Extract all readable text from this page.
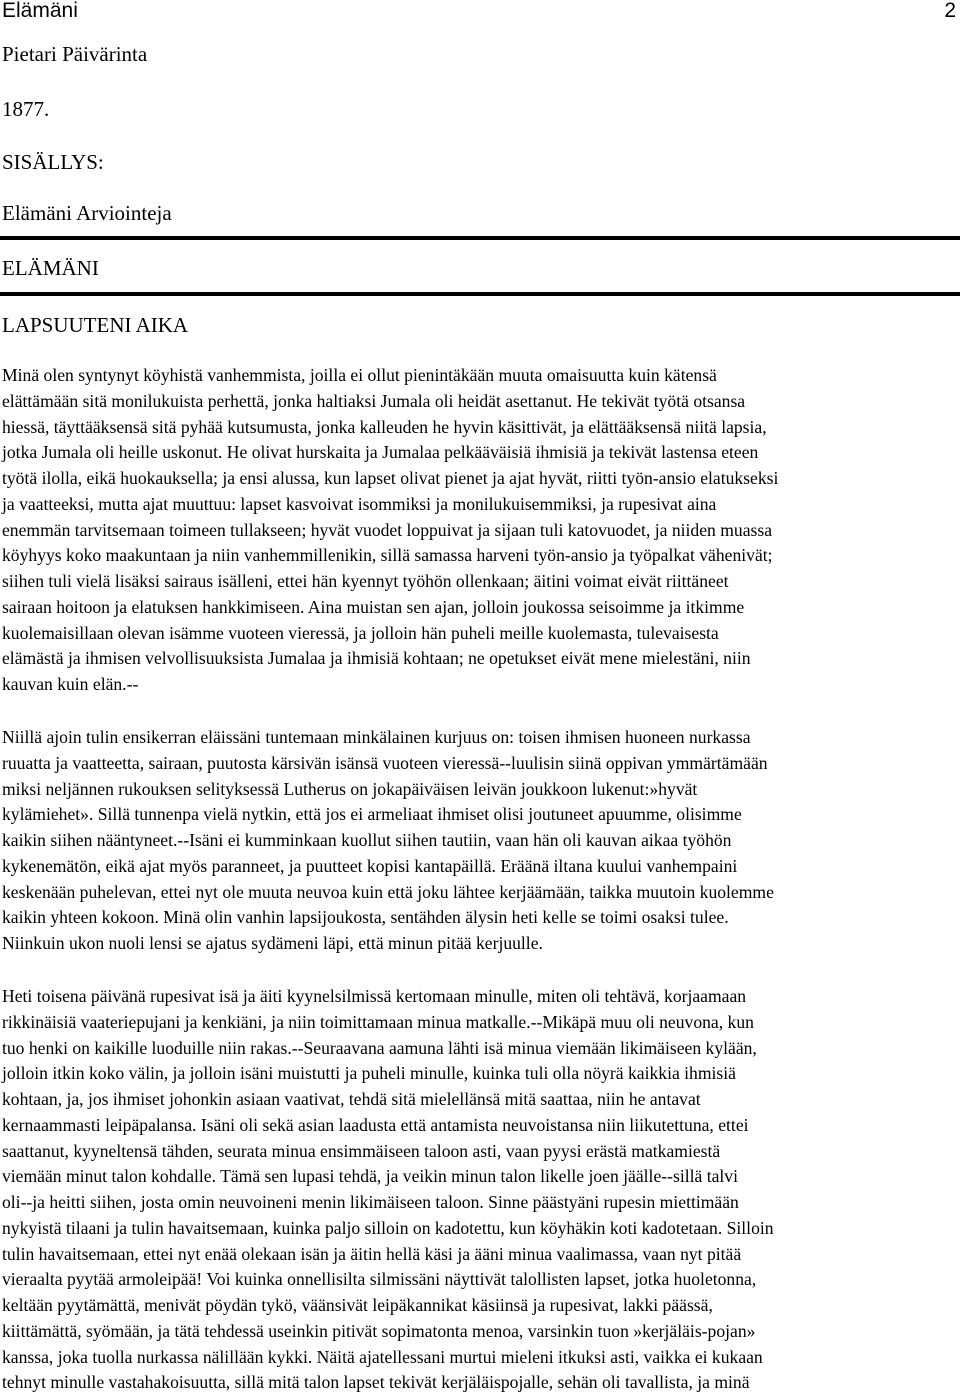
Elämäni	2
Pietari Päivärinta
1877.
SISÄLLYS:
Elämäni Arviointeja
ELÄMÄNI
LAPSUUTENI AIKA
Minä olen syntynyt köyhistä vanhemmista, joilla ei ollut pienintäkään muuta omaisuutta kuin kätensä
elättämään sitä monilukuista perhettä, jonka haltiaksi Jumala oli heidät asettanut. He tekivät työtä otsansa
hiessä, täyttääksensä sitä pyhää kutsumusta, jonka kalleuden he hyvin käsittivät, ja elättääksensä niitä lapsia,
jotka Jumala oli heille uskonut. He olivat hurskaita ja Jumalaa pelkääväisiä ihmisiä ja tekivät lastensa eteen
työtä ilolla, eikä huokauksella; ja ensi alussa, kun lapset olivat pienet ja ajat hyvät, riitti työn-ansio elatukseksi
ja vaatteeksi, mutta ajat muuttuu: lapset kasvoivat isommiksi ja monilukuisemmiksi, ja rupesivat aina
enemmän tarvitsemaan toimeen tullakseen; hyvät vuodet loppuivat ja sijaan tuli katovuodet, ja niiden muassa
köyhyys koko maakuntaan ja niin vanhemmillenikin, sillä samassa harveni työn-ansio ja työpalkat vähenivät;
siihen tuli vielä lisäksi sairaus isälleni, ettei hän kyennyt työhön ollenkaan; äitini voimat eivät riittäneet
sairaan hoitoon ja elatuksen hankkimiseen. Aina muistan sen ajan, jolloin joukossa seisoimme ja itkimme
kuolemaisillaan olevan isämme vuoteen vieressä, ja jolloin hän puheli meille kuolemasta, tulevaisesta
elämästä ja ihmisen velvollisuuksista Jumalaa ja ihmisiä kohtaan; ne opetukset eivät mene mielestäni, niin
kauvan kuin elän.--
Niillä ajoin tulin ensikerran eläissäni tuntemaan minkälainen kurjuus on: toisen ihmisen huoneen nurkassa
ruuatta ja vaatteetta, sairaan, puutosta kärsivän isänsä vuoteen vieressä--luulisin siinä oppivan ymmärtämään
miksi neljännen rukouksen selityksessä Lutherus on jokapäiväisen leivän joukkoon lukenut:»hyvät
kylämiehet». Sillä tunnenpa vielä nytkin, että jos ei armeliaat ihmiset olisi joutuneet apuumme, olisimme
kaikin siihen nääntyneet.--Isäni ei kumminkaan kuollut siihen tautiin, vaan hän oli kauvan aikaa työhön
kykenemätön, eikä ajat myös paranneet, ja puutteet kopisi kantapäillä. Eräänä iltana kuului vanhempaini
keskenään puhelevan, ettei nyt ole muuta neuvoa kuin että joku lähtee kerjäämään, taikka muutoin kuolemme
kaikin yhteen kokoon. Minä olin vanhin lapsijoukosta, sentähden älysin heti kelle se toimi osaksi tulee.
Niinkuin ukon nuoli lensi se ajatus sydämeni läpi, että minun pitää kerjuulle.
Heti toisena päivänä rupesivat isä ja äiti kyynelsilmissä kertomaan minulle, miten oli tehtävä, korjaamaan
rikkinäisiä vaateriepujani ja kenkiäni, ja niin toimittamaan minua matkalle.--Mikäpä muu oli neuvona, kun
tuo henki on kaikille luoduille niin rakas.--Seuraavana aamuna lähti isä minua viemään likimäiseen kylään,
jolloin itkin koko välin, ja jolloin isäni muistutti ja puheli minulle, kuinka tuli olla nöyrä kaikkia ihmisiä
kohtaan, ja, jos ihmiset johonkin asiaan vaativat, tehdä sitä mielellänsä mitä saattaa, niin he antavat
kernaammasti leipäpalansa. Isäni oli sekä asian laadusta että antamista neuvoistansa niin liikutettuna, ettei
saattanut, kyyneltensä tähden, seurata minua ensimmäiseen taloon asti, vaan pyysi erästä matkamiestä
viemään minut talon kohdalle. Tämä sen lupasi tehdä, ja veikin minun talon likelle joen jäälle--sillä talvi
oli--ja heitti siihen, josta omin neuvoineni menin likimäiseen taloon. Sinne päästyäni rupesin miettimään
nykyistä tilaani ja tulin havaitsemaan, kuinka paljo silloin on kadotettu, kun köyhäkin koti kadotetaan. Silloin
tulin havaitsemaan, ettei nyt enää olekaan isän ja äitin hellä käsi ja ääni minua vaalimassa, vaan nyt pitää
vieraalta pyytää armoleipää! Voi kuinka onnellisilta silmissäni näyttivät talollisten lapset, jotka huoletonna,
keltään pyytämättä, menivät pöydän tykö, väänsivät leipäkannikat käsiinsä ja rupesivat, lakki päässä,
kiittämättä, syömään, ja tätä tehdessä useinkin pitivät sopimatonta menoa, varsinkin tuon »kerjäläis-pojan»
kanssa, joka tuolla nurkassa nälillään kykki. Näitä ajatellessani murtui mieleni itkuksi asti, vaikka ei kukaan
tehnyt minulle vastahakoisuutta, sillä mitä talon lapset tekivät kerjäläispojalle, sehän oli tavallista, ja minä
